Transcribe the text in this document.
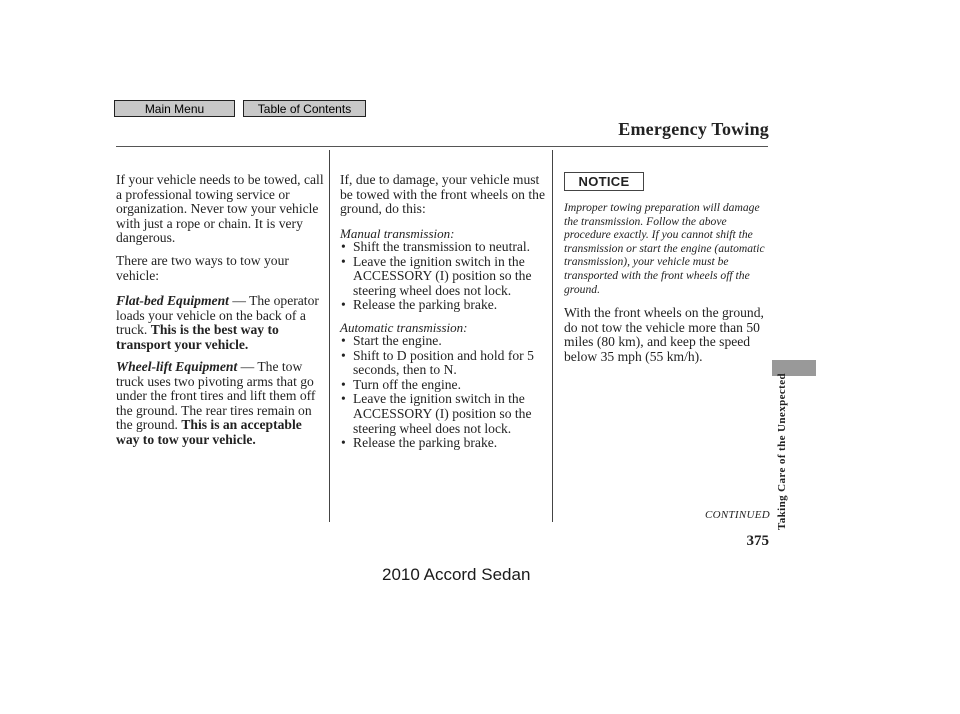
Main Menu	Table of Contents
Emergency Towing

If your vehicle needs to be towed, call a professional towing service or organization. Never tow your vehicle with just a rope or chain. It is very dangerous.

There are two ways to tow your vehicle:

Flat-bed Equipment — The operator loads your vehicle on the back of a truck. This is the best way to transport your vehicle.

Wheel-lift Equipment — The tow truck uses two pivoting arms that go under the front tires and lift them off the ground. The rear tires remain on the ground. This is an acceptable way to tow your vehicle.

If, due to damage, your vehicle must be towed with the front wheels on the ground, do this:

Manual transmission:
• Shift the transmission to neutral.
• Leave the ignition switch in the ACCESSORY (I) position so the steering wheel does not lock.
• Release the parking brake.
Automatic transmission:
• Start the engine.
• Shift to D position and hold for 5 seconds, then to N.
• Turn off the engine.
• Leave the ignition switch in the ACCESSORY (I) position so the steering wheel does not lock.
• Release the parking brake.
NOTICE

Improper towing preparation will damage the transmission. Follow the above procedure exactly. If you cannot shift the transmission or start the engine (automatic transmission), your vehicle must be transported with the front wheels off the ground.

With the front wheels on the ground, do not tow the vehicle more than 50 miles (80 km), and keep the speed below 35 mph (55 km/h).

CONTINUED
375
Taking Care of the Unexpected
2010 Accord Sedan
